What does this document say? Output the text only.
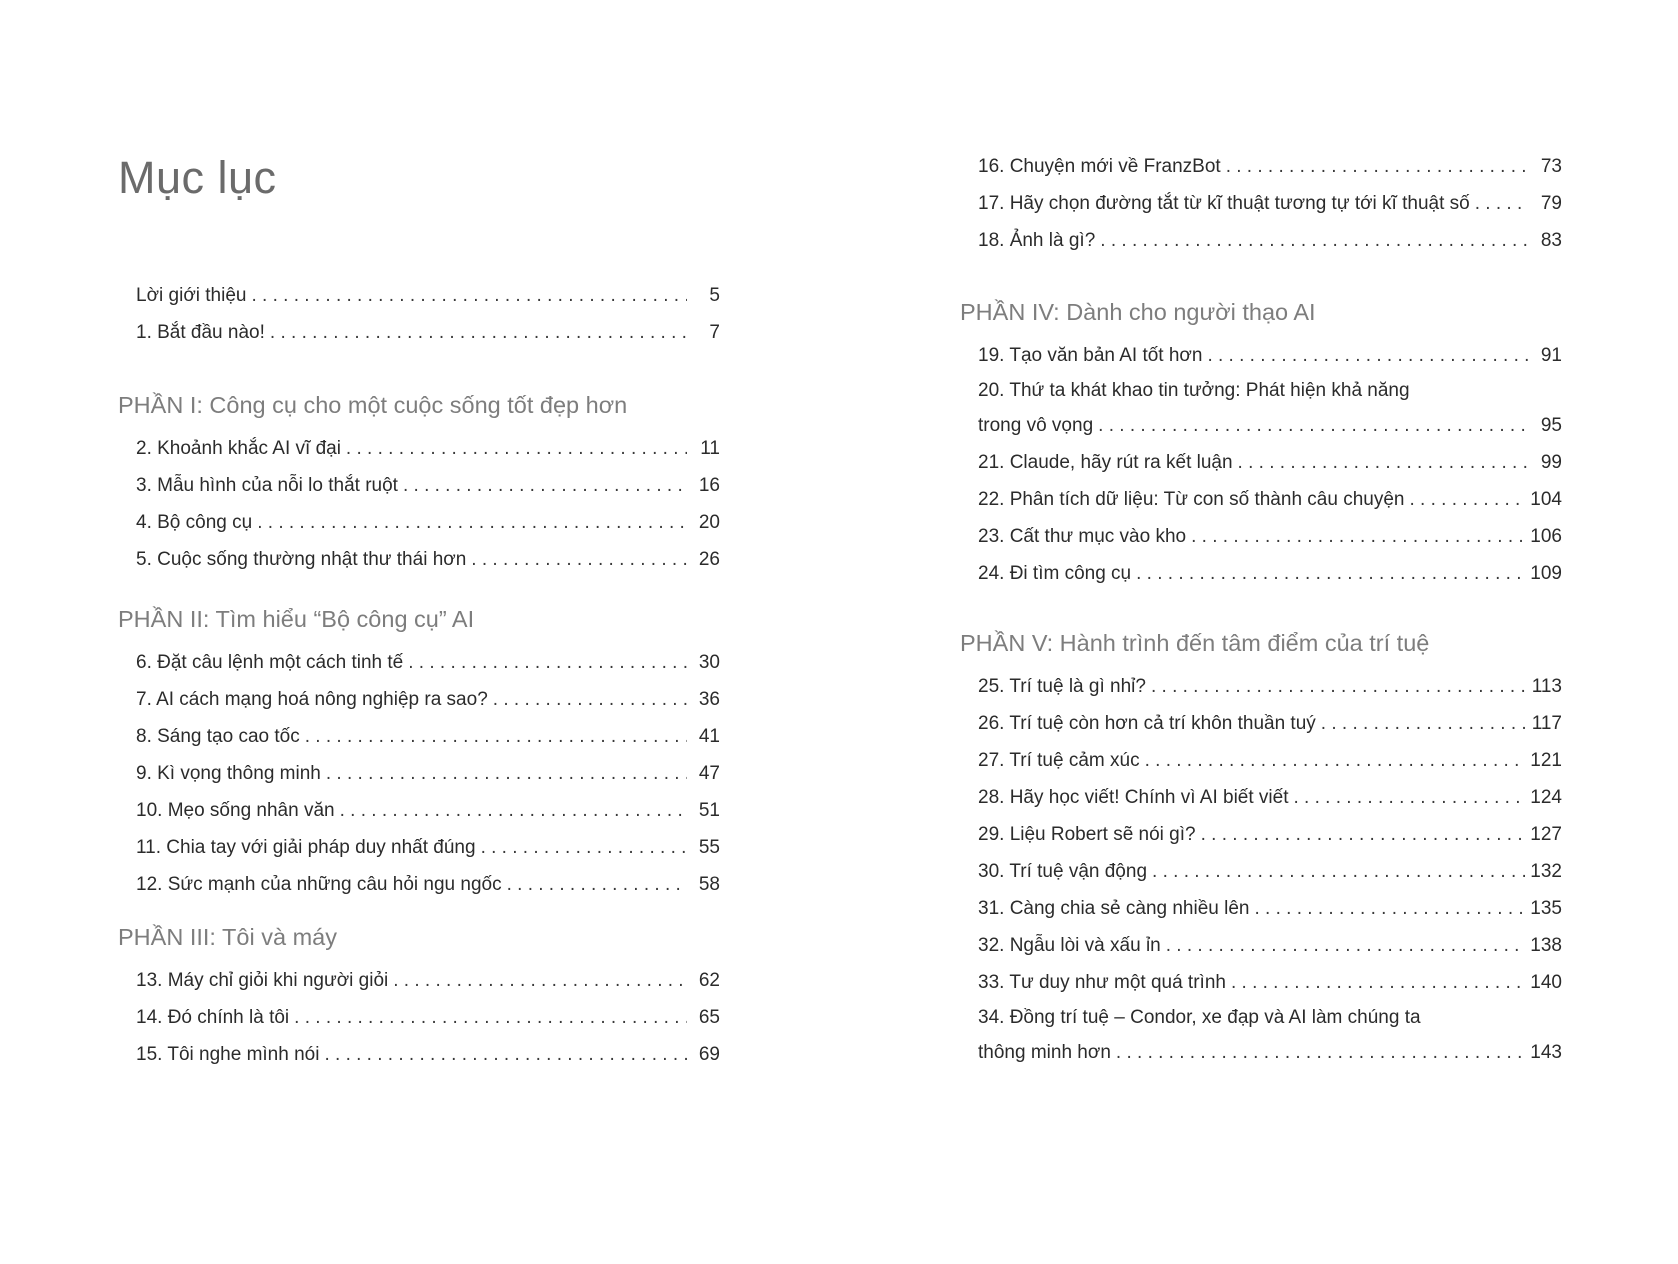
Mục lục
Lời giới thiệu . . .	5
1. Bắt đầu nào! . . .	7
PHẦN I: Công cụ cho một cuộc sống tốt đẹp hơn
2. Khoảnh khắc AI vĩ đại . . .	11
3. Mẫu hình của nỗi lo thắt ruột . . .	16
4. Bộ công cụ . . .	20
5. Cuộc sống thường nhật thư thái hơn . . .	26
PHẦN II: Tìm hiểu “Bộ công cụ” AI
6. Đặt câu lệnh một cách tinh tế . . .	30
7. AI cách mạng hoá nông nghiệp ra sao? . . .	36
8. Sáng tạo cao tốc . . .	41
9. Kì vọng thông minh . . .	47
10. Mẹo sống nhân văn . . .	51
11. Chia tay với giải pháp duy nhất đúng . . .	55
12. Sức mạnh của những câu hỏi ngu ngốc . . .	58
PHẦN III: Tôi và máy
13. Máy chỉ giỏi khi người giỏi . . .	62
14. Đó chính là tôi . . .	65
15. Tôi nghe mình nói . . .	69
16. Chuyện mới về FranzBot . . .	73
17. Hãy chọn đường tắt từ kĩ thuật tương tự tới kĩ thuật số . . .	79
18. Ảnh là gì? . . .	83
PHẦN IV: Dành cho người thạo AI
19. Tạo văn bản AI tốt hơn . . .	91
20. Thứ ta khát khao tin tưởng: Phát hiện khả năng
trong vô vọng . . .	95
21. Claude, hãy rút ra kết luận . . .	99
22. Phân tích dữ liệu: Từ con số thành câu chuyện . . .	104
23. Cất thư mục vào kho . . .	106
24. Đi tìm công cụ . . .	109
PHẦN V: Hành trình đến tâm điểm của trí tuệ
25. Trí tuệ là gì nhỉ? . . .	113
26. Trí tuệ còn hơn cả trí khôn thuần tuý . . .	117
27. Trí tuệ cảm xúc . . .	121
28. Hãy học viết! Chính vì AI biết viết . . .	124
29. Liệu Robert sẽ nói gì? . . .	127
30. Trí tuệ vận động . . .	132
31. Càng chia sẻ càng nhiều lên . . .	135
32. Ngẫu lòi và xấu ỉn . . .	138
33. Tư duy như một quá trình . . .	140
34. Đồng trí tuệ – Condor, xe đạp và AI làm chúng ta
thông minh hơn . . .	143
